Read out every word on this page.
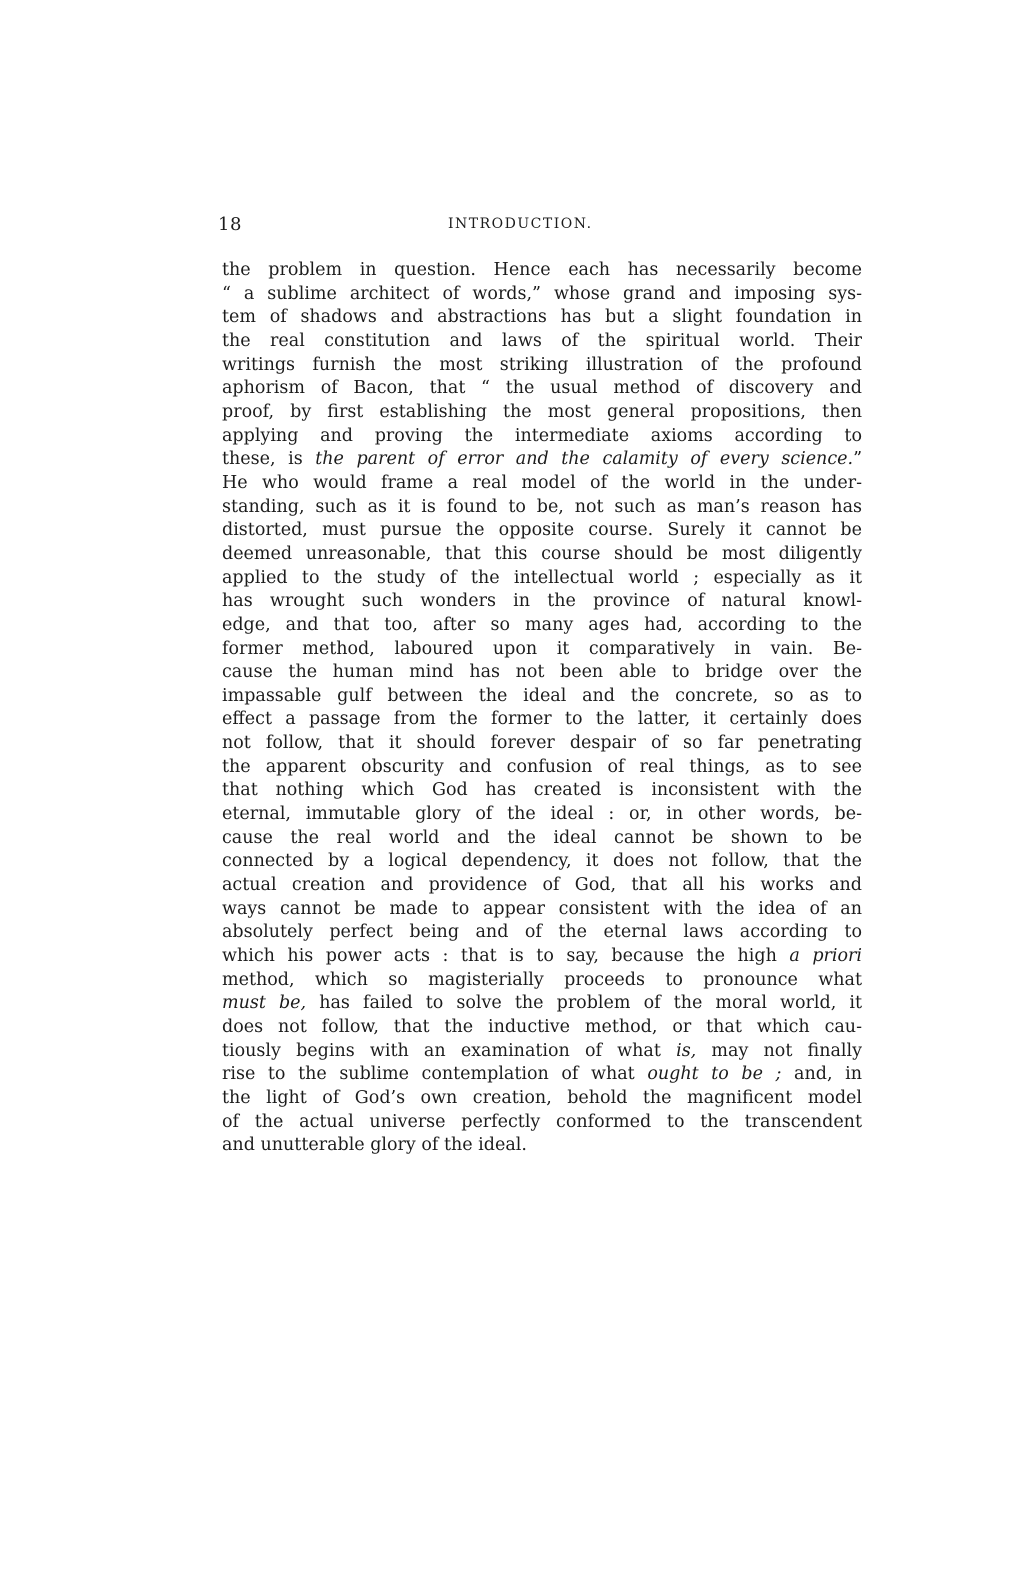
18	INTRODUCTION.
the problem in question. Hence each has necessarily become
“ a sublime architect of words,” whose grand and imposing sys-
tem of shadows and abstractions has but a slight foundation in
the real constitution and laws of the spiritual world. Their
writings furnish the most striking illustration of the profound
aphorism of Bacon, that “ the usual method of discovery and
proof, by first establishing the most general propositions, then
applying and proving the intermediate axioms according to
these, is the parent of error and the calamity of every science.”
He who would frame a real model of the world in the under-
standing, such as it is found to be, not such as man’s reason has
distorted, must pursue the opposite course. Surely it cannot be
deemed unreasonable, that this course should be most diligently
applied to the study of the intellectual world ; especially as it
has wrought such wonders in the province of natural knowl-
edge, and that too, after so many ages had, according to the
former method, laboured upon it comparatively in vain. Be-
cause the human mind has not been able to bridge over the
impassable gulf between the ideal and the concrete, so as to
effect a passage from the former to the latter, it certainly does
not follow, that it should forever despair of so far penetrating
the apparent obscurity and confusion of real things, as to see
that nothing which God has created is inconsistent with the
eternal, immutable glory of the ideal : or, in other words, be-
cause the real world and the ideal cannot be shown to be
connected by a logical dependency, it does not follow, that the
actual creation and providence of God, that all his works and
ways cannot be made to appear consistent with the idea of an
absolutely perfect being and of the eternal laws according to
which his power acts : that is to say, because the high a priori
method, which so magisterially proceeds to pronounce what
must be, has failed to solve the problem of the moral world, it
does not follow, that the inductive method, or that which cau-
tiously begins with an examination of what is, may not finally
rise to the sublime contemplation of what ought to be ; and, in
the light of God’s own creation, behold the magnificent model
of the actual universe perfectly conformed to the transcendent
and unutterable glory of the ideal.
